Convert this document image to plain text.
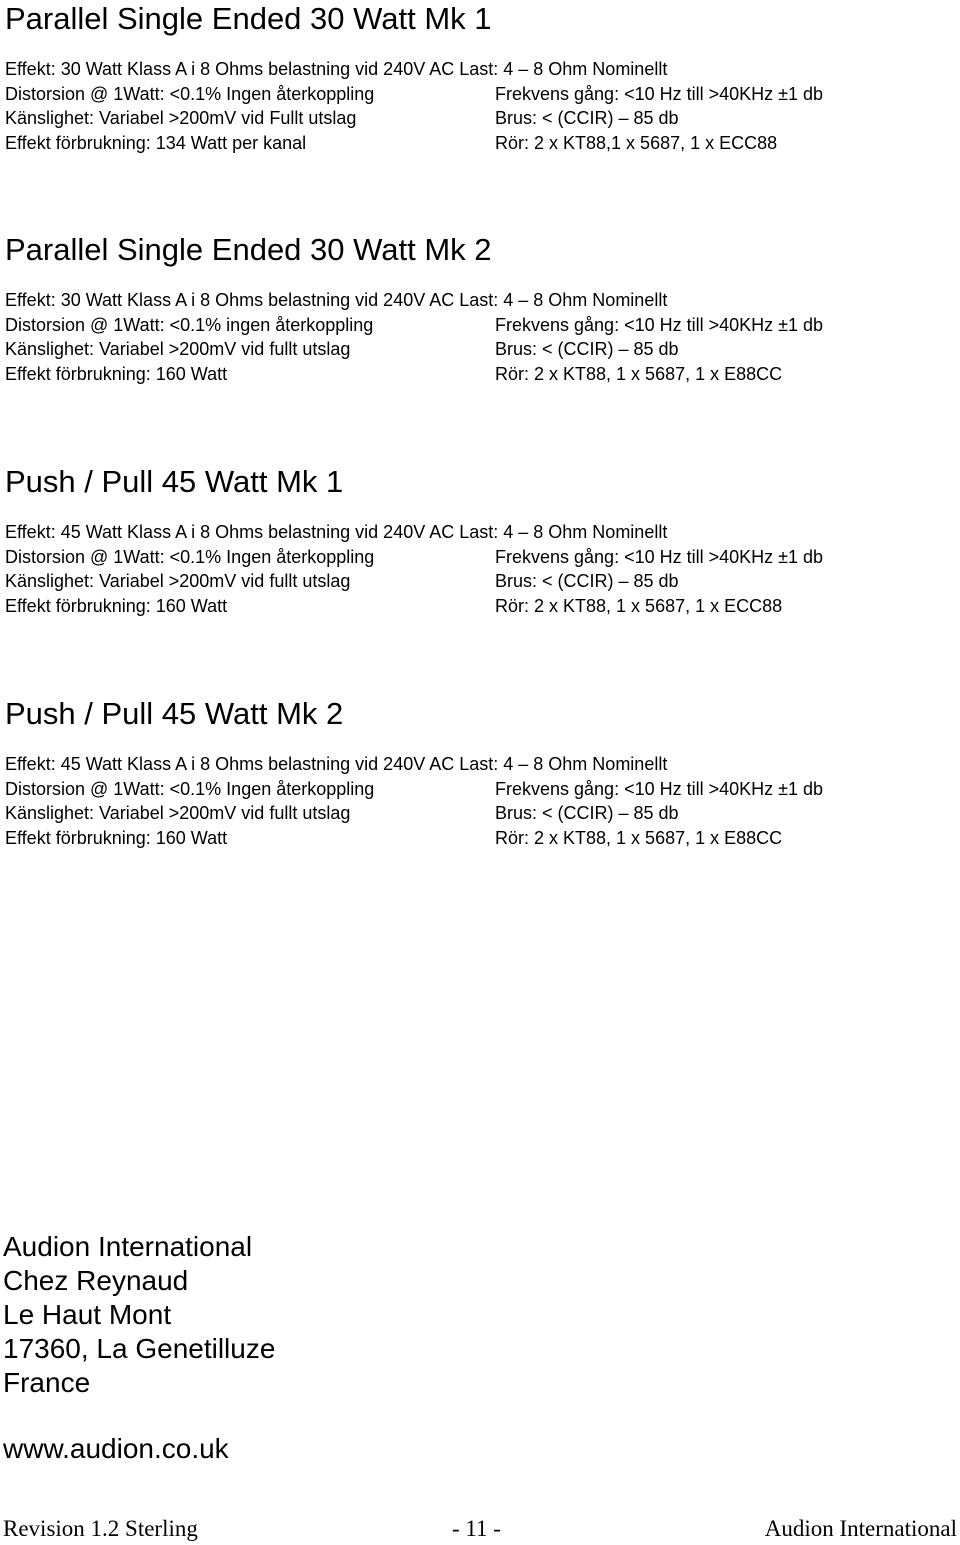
Parallel Single Ended 30 Watt Mk 1
Effekt: 30 Watt Klass A i 8 Ohms belastning vid 240V AC Last: 4 – 8 Ohm Nominellt
Distorsion @ 1Watt: <0.1% Ingen återkoppling	Frekvens gång: <10 Hz till >40KHz ±1 db
Känslighet: Variabel >200mV vid Fullt utslag	Brus: < (CCIR) – 85 db
Effekt förbrukning: 134 Watt per kanal	Rör: 2 x KT88,1 x 5687, 1 x ECC88
Parallel Single Ended 30 Watt Mk 2
Effekt: 30 Watt Klass A i 8 Ohms belastning vid 240V AC Last: 4 – 8 Ohm Nominellt
Distorsion @ 1Watt: <0.1% ingen återkoppling	Frekvens gång: <10 Hz till >40KHz ±1 db
Känslighet: Variabel >200mV vid fullt utslag	Brus: < (CCIR) – 85 db
Effekt förbrukning: 160 Watt	Rör: 2 x KT88, 1 x 5687, 1 x E88CC
Push / Pull 45 Watt Mk 1
Effekt: 45 Watt Klass A i 8 Ohms belastning vid 240V AC Last: 4 – 8 Ohm Nominellt
Distorsion @ 1Watt: <0.1% Ingen återkoppling	Frekvens gång: <10 Hz till >40KHz ±1 db
Känslighet: Variabel >200mV vid fullt utslag	Brus: < (CCIR) – 85 db
Effekt förbrukning: 160 Watt	Rör: 2 x KT88, 1 x 5687, 1 x ECC88
Push / Pull 45 Watt Mk 2
Effekt: 45 Watt Klass A i 8 Ohms belastning vid 240V AC Last: 4 – 8 Ohm Nominellt
Distorsion @ 1Watt: <0.1% Ingen återkoppling	Frekvens gång: <10 Hz till >40KHz ±1 db
Känslighet: Variabel >200mV vid fullt utslag	Brus: < (CCIR) – 85 db
Effekt förbrukning: 160 Watt	Rör: 2 x KT88, 1 x 5687, 1 x E88CC
Audion International
Chez Reynaud
Le Haut Mont
17360, La Genetilluze
France
www.audion.co.uk
Revision 1.2 Sterling	- 11 -	Audion International
